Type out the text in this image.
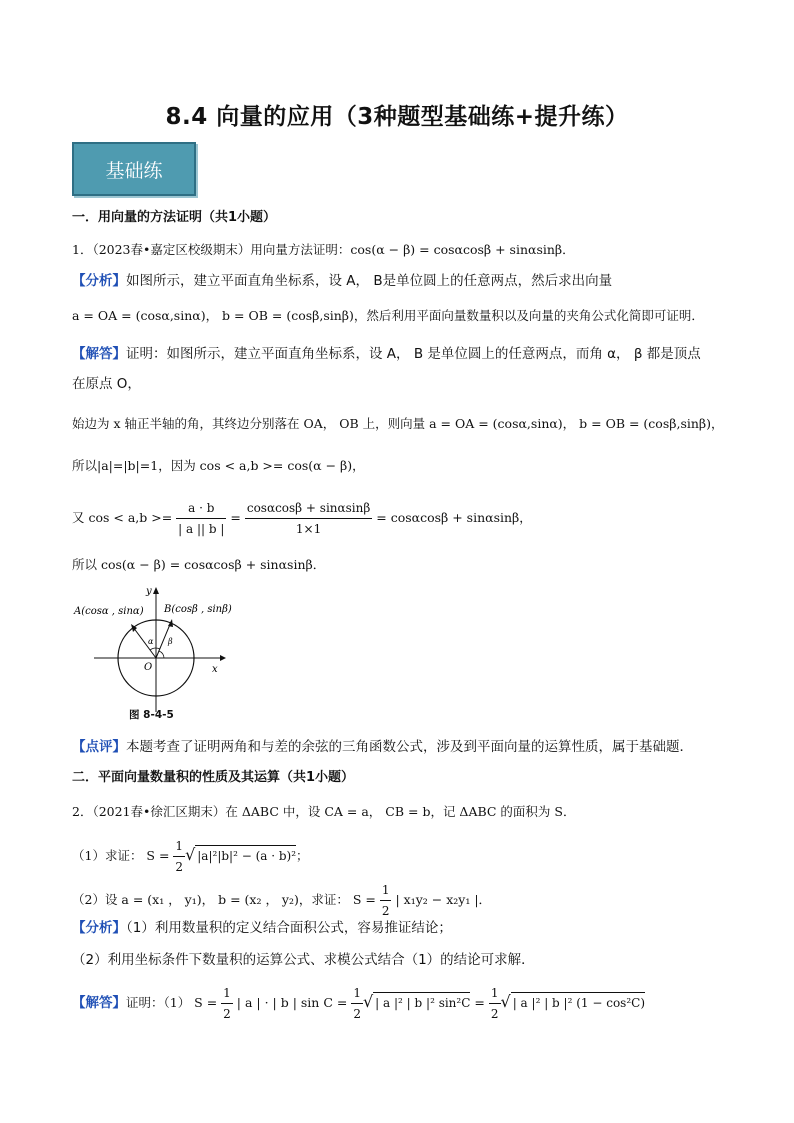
8.4 向量的应用（3种题型基础练+提升练）
基础练
一．用向量的方法证明（共1小题）
1．（2023春•嘉定区校级期末）用向量方法证明：cos(α − β) = cosαcosβ + sinαsinβ．
【分析】如图所示，建立平面直角坐标系，设 A， B是单位圆上的任意两点，然后求出向量
a = OA = (cosα,sinα)， b = OB = (cosβ,sinβ)，然后利用平面向量数量积以及向量的夹角公式化简即可证明．
【解答】证明：如图所示，建立平面直角坐标系，设 A， B 是单位圆上的任意两点，而角 α， β 都是顶点
在原点 O，
始边为 x 轴正半轴的角，其终边分别落在 OA， OB 上，则向量 a = OA = (cosα,sinα)， b = OB = (cosβ,sinβ)，
所以|a|=|b|=1，因为 cos < a,b >= cos(α − β)，
又 $\cos < a,b >= \frac{a \cdot b}{| a || b |} = \frac{\cos\alpha\cos\beta + \sin\alpha\sin\beta}{1\times 1} = \cos\alpha\cos\beta + \sin\alpha\sin\beta$，
所以 cos(α − β) = cosαcosβ + sinαsinβ．
A(cosα , sinα) B(cosβ , sinβ)
O	x
y
α β
图 8-4-5
【点评】本题考查了证明两角和与差的余弦的三角函数公式，涉及到平面向量的运算性质，属于基础题．
二．平面向量数量积的性质及其运算（共1小题）
2．（2021春•徐汇区期末）在 ΔABC 中，设 CA = a， CB = b，记 ΔABC 的面积为 S．
（1）求证： $S = \frac{1}{2}$ √ |a|²|b|² − (a · b)²；
（2）设 a = (x₁ ， y₁)， b = (x₂ ， y₂)，求证： $S = \frac{1}{2}$ | x₁y₂ − x₂y₁ |．
【分析】（1）利用数量积的定义结合面积公式，容易推证结论；
（2）利用坐标条件下数量积的运算公式、求模公式结合（1）的结论可求解．
【解答】证明：（1） $S = \frac{1}{2}$ | a | · | b | $\sin C = \frac{1}{2}$ √ | a |² | b |² $\sin^2C = \frac{1}{2}$ √ | a |² | b |² (1 − cos²C)
